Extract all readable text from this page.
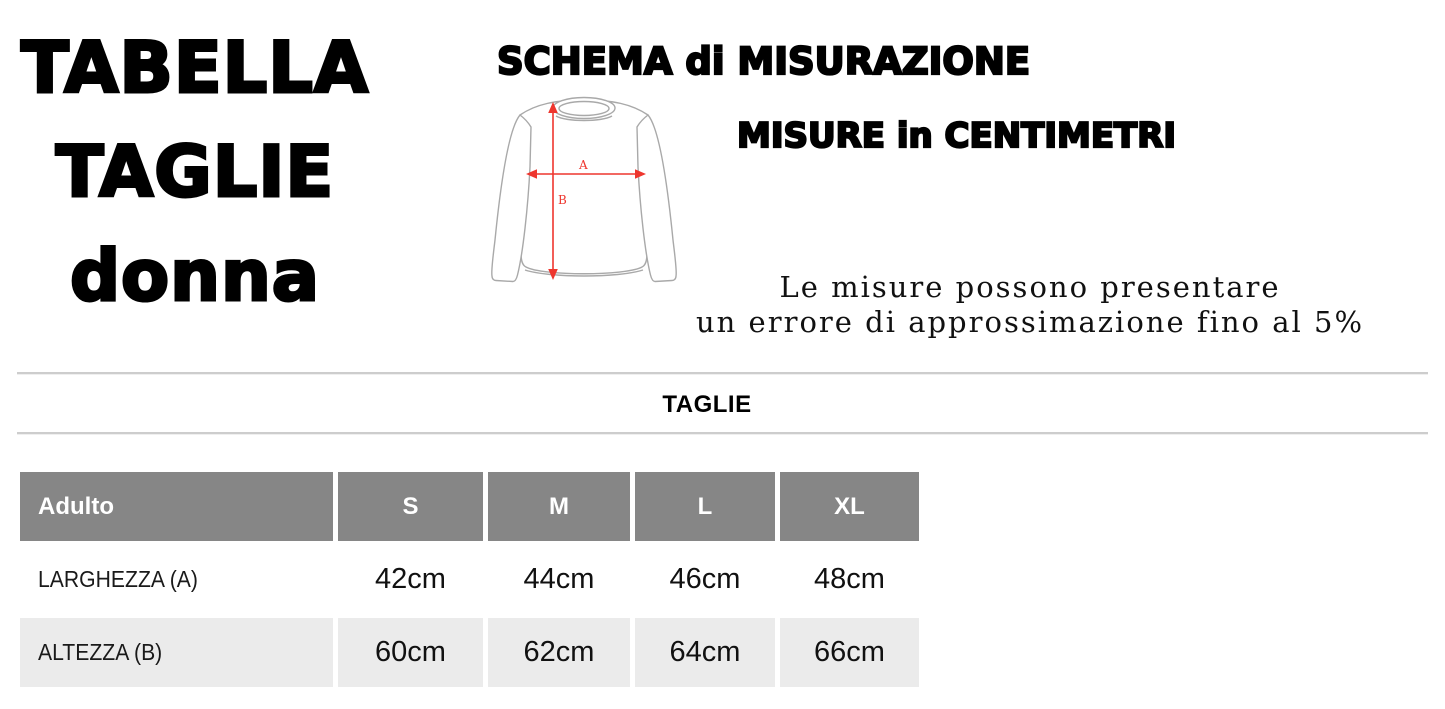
TABELLA
TAGLIE
donna
SCHEMA di MISURAZIONE
MISURE in CENTIMETRI
A
B
Le misure possono presentare
un errore di approssimazione fino al 5%
TAGLIE
Adulto	S	M	L	XL
LARGHEZZA (A)	42cm	44cm	46cm	48cm
ALTEZZA (B)	60cm	62cm	64cm	66cm
